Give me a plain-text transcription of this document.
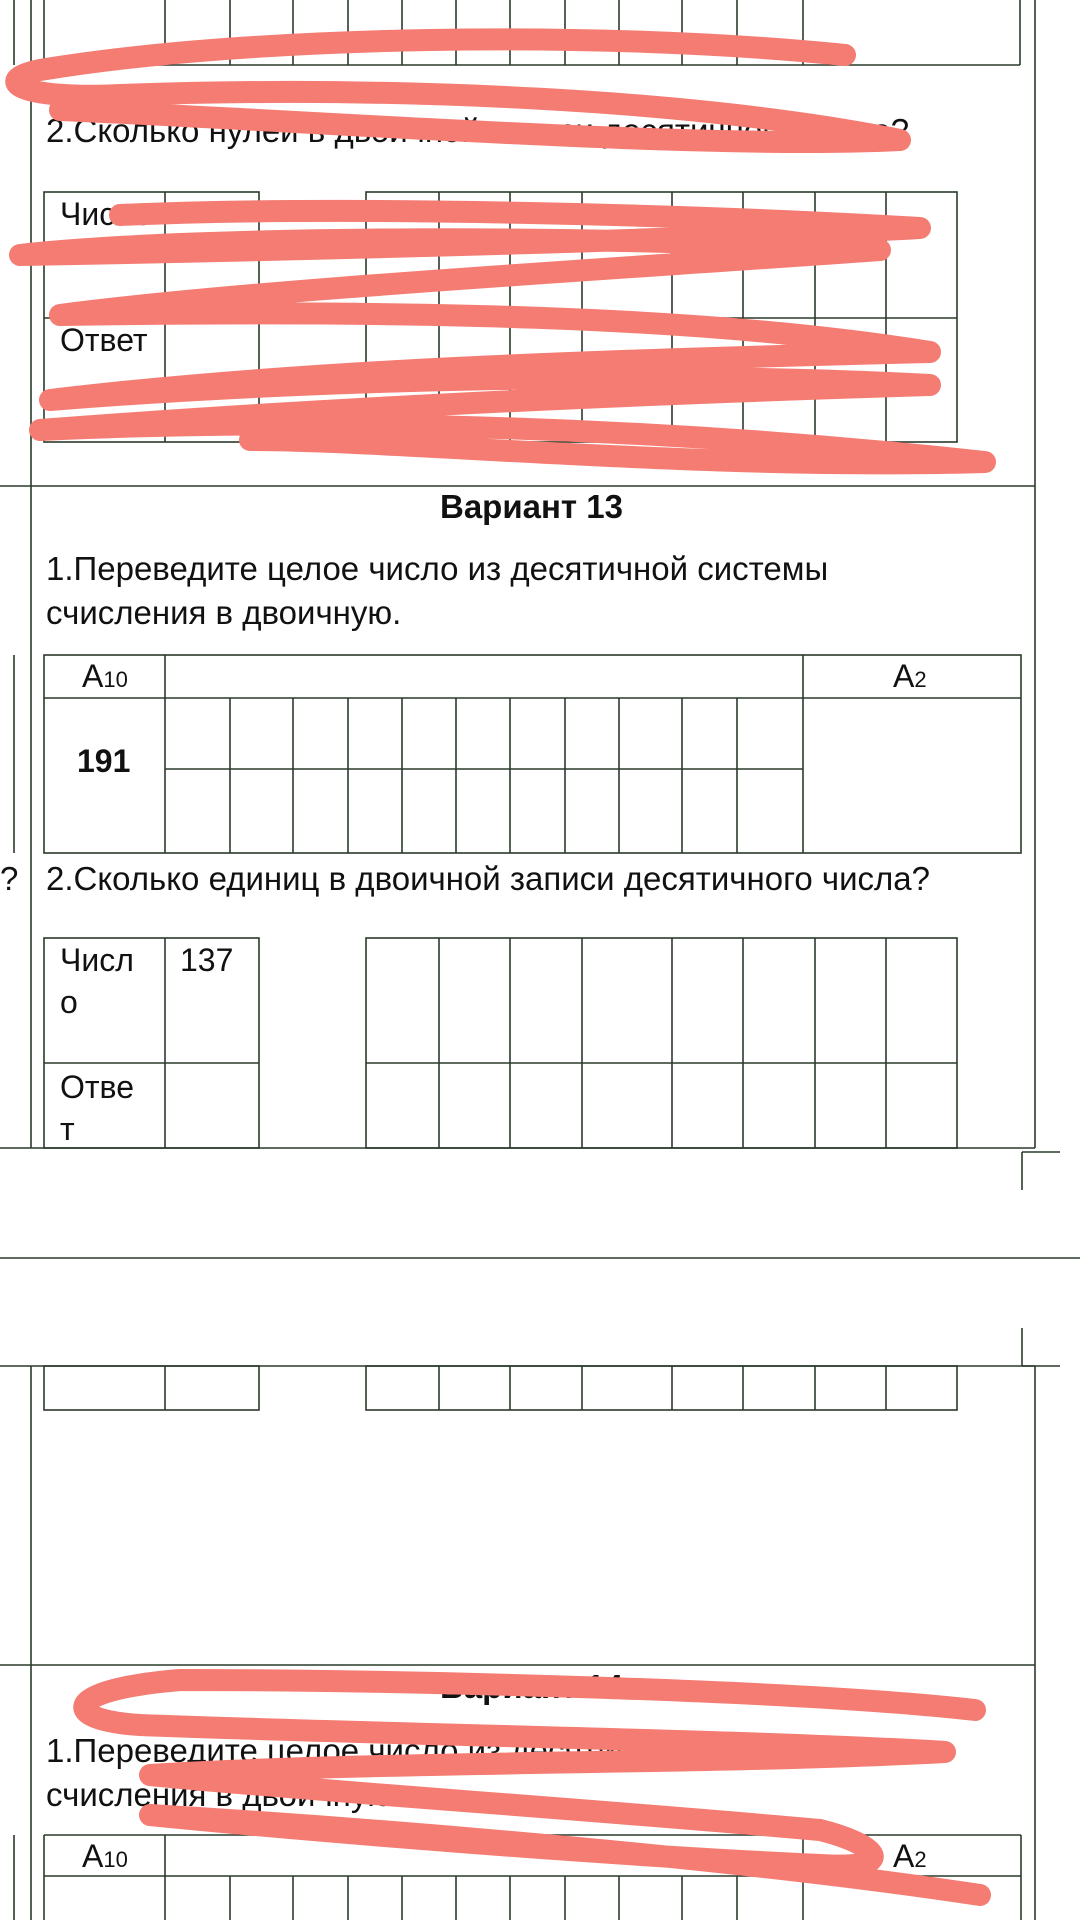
2.Сколько нулей в двоичной записи десятичного числа?
Число
Ответ
Вариант 13
1.Переведите целое число из десятичной системы
счисления в двоичную.
A10	A2
191
? 2.Сколько единиц в двоичной записи десятичного числа?
Числ
о
137
Отве
т
Вариант 14
1.Переведите целое число из десятичной системы
счисления в двоичную.
A10	A2
